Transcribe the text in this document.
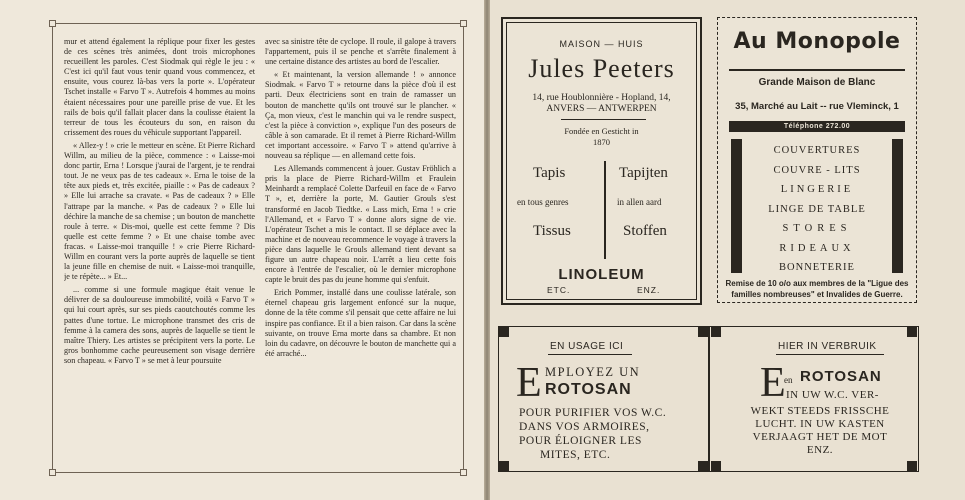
mur et attend également la réplique pour fixer les gestes de ces scènes très animées, dont trois microphones recueillent les paroles. C'est Siodmak qui règle le jeu : « C'est ici qu'il faut vous tenir quand vous commencez, et ensuite, vous courez là-bas vers la porte ». L'opérateur Tschet installe « Farvo T ». Autrefois 4 hommes au moins étaient nécessaires pour une pareille prise de vue. Et les rails de bois qu'il fallait placer dans la coulisse étaient la terreur de tous les écouteurs du son, en raison du crissement des roues du véhicule supportant l'appareil.

« Allez-y ! » crie le metteur en scène. Et Pierre Richard Willm, au milieu de la pièce, commence : « Laisse-moi donc partir, Erna ! Lorsque j'aurai de l'argent, je te rendrai tout. Je ne veux pas de tes cadeaux ». Erna le toise de la tête aux pieds et, très excitée, piaille : « Pas de cadeaux ? » Elle lui arrache sa cravate. « Pas de cadeaux ? » Elle l'attrape par la manche. « Pas de cadeaux ? » Elle lui déchire la manche de sa chemise ; un bouton de manchette roule à terre. « Dis-moi, quelle est cette femme ? Dis quelle est cette femme ? » Et une chaise tombe avec fracas. « Laisse-moi tranquille ! » crie Pierre Richard-Willm en courant vers la porte auprès de laquelle se tient la jeune fille en chemise de nuit. « Laisse-moi tranquille, je te répète... » Et...

... comme si une formule magique était venue le délivrer de sa douloureuse immobilité, voilà « Farvo T » qui lui court après, sur ses pieds caoutchoutés comme les pattes d'une tortue. Le microphone transmet des cris de femme à la camera des sons, auprès de laquelle se tient le maître Thiery. Les artistes se précipitent vers la porte. Le gros bonhomme cache peureusement son visage derrière son chapeau. « Farvo T » se met à leur poursuite

avec sa sinistre tête de cyclope. Il roule, il galope à travers l'appartement, puis il se penche et s'arrête finalement à une certaine distance des artistes au bord de l'escalier.

« Et maintenant, la version allemande ! » annonce Siodmak. « Farvo T » retourne dans la pièce d'où il est parti. Deux électriciens sont en train de ramasser un bouton de manchette qu'ils ont trouvé sur le plancher. « Ça, mon vieux, c'est le manchin qui va le rendre suspect, c'est la pièce à conviction », explique l'un des poseurs de câble à son camarade. Et il remet à Pierre Richard-Willm cet important accessoire. « Farvo T » attend qu'arrive à nouveau sa réplique — en allemand cette fois.

Les Allemands commencent à jouer. Gustav Fröhlich a pris la place de Pierre Richard-Willm et Fraulein Meinhardt a remplacé Colette Darfeuil en face de « Farvo T », et, derrière la porte, M. Gautier Grouls s'est transformé en Jacob Tiedtke. « Lass mich, Erna ! » crie l'Allemand, et « Farvo T » donne alors signe de vie. L'opérateur Tschet a mis le contact. Il se déplace avec la machine et de nouveau recommence le voyage à travers la pièce dans laquelle le Grouls allemand tient devant sa figure un autre chapeau noir. L'arrêt a lieu cette fois encore à l'entrée de l'escalier, où le dernier microphone capte le bruit des pas du jeune homme qui s'enfuit.

Erich Pommer, installé dans une coulisse latérale, son éternel chapeau gris largement enfoncé sur la nuque, donne de la tête comme s'il pensait que cette affaire ne lui inspire pas confiance. Et il a bien raison. Car dans la scène suivante, on trouve Erna morte dans sa chambre. Et non loin du cadavre, on découvre le bouton de manchette qui a été arraché...

MAISON — HUIS
Jules Peeters
14, rue Houblonnière - Hopland, 14,
ANVERS — ANTWERPEN
Fondée en Gesticht in
1870
Tapis	Tapijten
en tous genres	in allen aard
Tissus	Stoffen
LINOLEUM
ETC.	ENZ.
Au Monopole
Grande Maison de Blanc
35, Marché au Lait -- rue Vleminck, 1
Téléphone 272.00
COUVERTURES
COUVRE - LITS
LINGERIE
LINGE DE TABLE
STORES
RIDEAUX
BONNETERIE
Remise de 10 o/o aux membres de la "Ligue des
familles nombreuses" et Invalides de Guerre.
EN USAGE ICI
E MPLOYEZ UN
ROTOSAN
POUR PURIFIER VOS W.C.
DANS VOS ARMOIRES,
POUR ÉLOIGNER LES
MITES, ETC.
HIER IN VERBRUIK
E
en ROTOSAN
IN UW W.C. VER-
WEKT STEEDS FRISSCHE
LUCHT. IN UW KASTEN
VERJAAGT HET DE MOT
ENZ.
